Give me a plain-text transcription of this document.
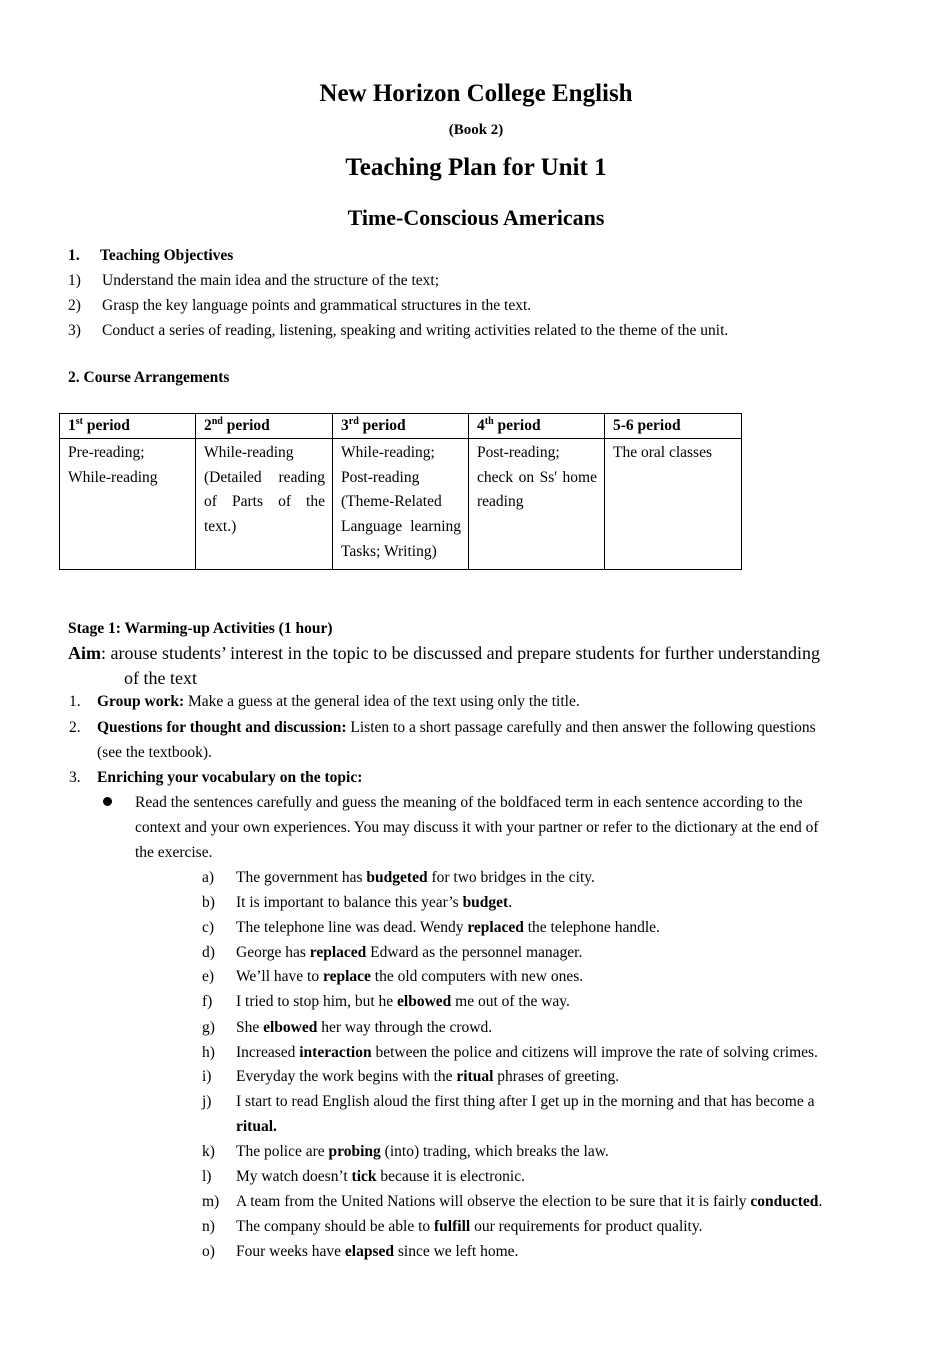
New Horizon College English
(Book 2)
Teaching Plan for Unit 1
Time-Conscious Americans
1. Teaching Objectives
1) Understand the main idea and the structure of the text;
2) Grasp the key language points and grammatical structures in the text.
3) Conduct a series of reading, listening, speaking and writing activities related to the theme of the unit.
2. Course Arrangements
1st period	2nd period	3rd period	4th period	5-6 period

Pre-reading; While-reading	While-reading (Detailed reading of Parts of the text.)	While-reading; Post-reading (Theme-Related Language learning Tasks; Writing)	Post-reading; check on Ss' home reading	The oral classes
Stage 1: Warming-up Activities (1 hour)
Aim: arouse students’ interest in the topic to be discussed and prepare students for further understanding
of the text
1. Group work: Make a guess at the general idea of the text using only the title.
2. Questions for thought and discussion: Listen to a short passage carefully and then answer the following questions
(see the textbook).
3. Enriching your vocabulary on the topic:
Read the sentences carefully and guess the meaning of the boldfaced term in each sentence according to the
context and your own experiences. You may discuss it with your partner or refer to the dictionary at the end of
the exercise.
a) The government has budgeted for two bridges in the city.
b) It is important to balance this year’s budget.
c) The telephone line was dead. Wendy replaced the telephone handle.
d) George has replaced Edward as the personnel manager.
e) We’ll have to replace the old computers with new ones.
f) I tried to stop him, but he elbowed me out of the way.
g) She elbowed her way through the crowd.
h) Increased interaction between the police and citizens will improve the rate of solving crimes.
i) Everyday the work begins with the ritual phrases of greeting.
j) I start to read English aloud the first thing after I get up in the morning and that has become a
ritual.
k) The police are probing (into) trading, which breaks the law.
l) My watch doesn’t tick because it is electronic.
m) A team from the United Nations will observe the election to be sure that it is fairly conducted.
n) The company should be able to fulfill our requirements for product quality.
o) Four weeks have elapsed since we left home.
